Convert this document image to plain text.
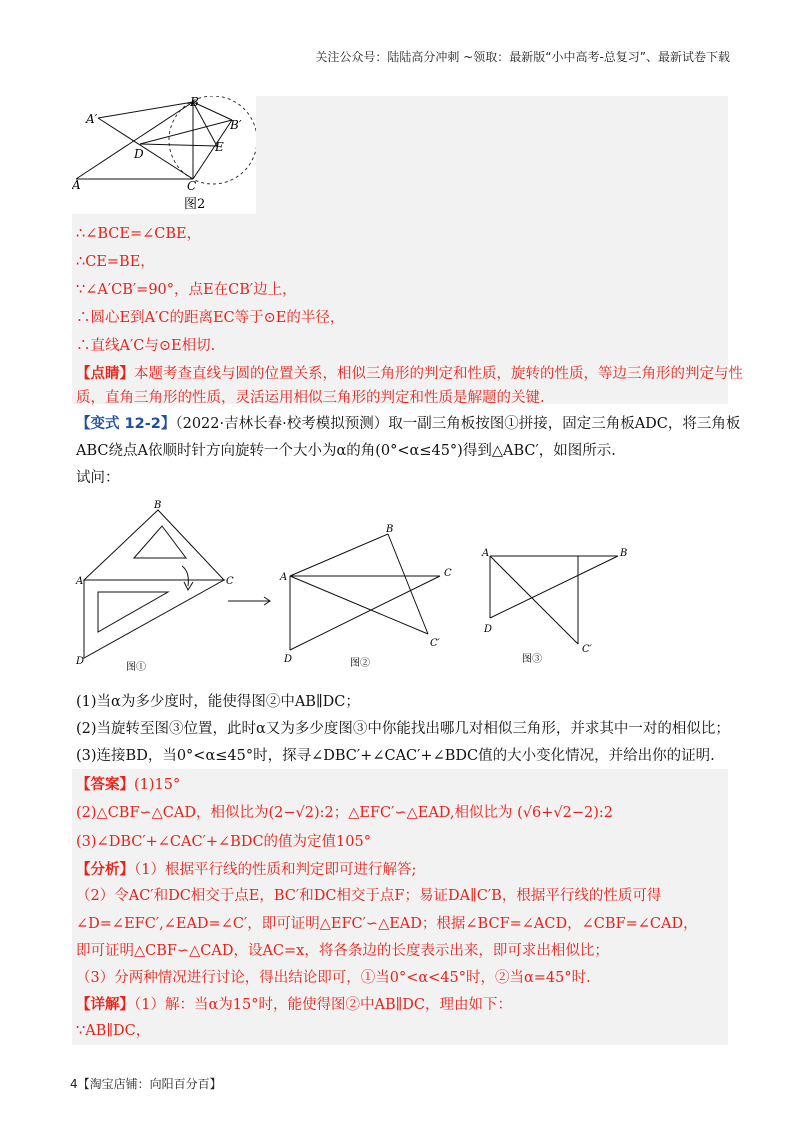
关注公众号：陆陆高分冲刺 ~领取：最新版“小中高考-总复习”、最新试卷下载
A′
B
B′
D	E
A	C
图2
∴∠BCE=∠CBE，
∴CE=BE，
∵∠A′CB′=90°，点E在CB′边上，
∴圆心E到A′C的距离EC等于⊙E的半径，
∴直线A′C与⊙E相切.
【点睛】本题考查直线与圆的位置关系，相似三角形的判定和性质，旋转的性质，等边三角形的判定与性
质，直角三角形的性质，灵活运用相似三角形的判定和性质是解题的关键.
【变式 12-2】（2022·吉林长春·校考模拟预测）取一副三角板按图①拼接，固定三角板ADC，将三角板
ABC绕点A依顺时针方向旋转一个大小为α的角(0°<α≤45°)得到△ABC′，如图所示.
试问：
B
A	C
D
图①
B
A	C
C′
D	图②
A	B
D
C′
图③
(1)当α为多少度时，能使得图②中AB∥DC；
(2)当旋转至图③位置，此时α又为多少度图③中你能找出哪几对相似三角形，并求其中一对的相似比；
(3)连接BD，当0°<α≤45°时，探寻∠DBC′+∠CAC′+∠BDC值的大小变化情况，并给出你的证明.
【答案】(1)15°
(2)△CBF∽△CAD，相似比为(2−√2):2；△EFC′∽△EAD,相似比为 (√6+√2−2):2
(3)∠DBC′+∠CAC′+∠BDC的值为定值105°
【分析】（1）根据平行线的性质和判定即可进行解答;
（2）令AC′和DC相交于点E，BC′和DC相交于点F；易证DA∥C′B，根据平行线的性质可得
∠D=∠EFC′,∠EAD=∠C′，即可证明△EFC′∽△EAD；根据∠BCF=∠ACD，∠CBF=∠CAD，
即可证明△CBF∽△CAD，设AC=x，将各条边的长度表示出来，即可求出相似比；
（3）分两种情况进行讨论，得出结论即可，①当0°<α<45°时，②当α=45°时.
【详解】（1）解：当α为15°时，能使得图②中AB∥DC，理由如下：
∵AB∥DC，
4【淘宝店铺：向阳百分百】
